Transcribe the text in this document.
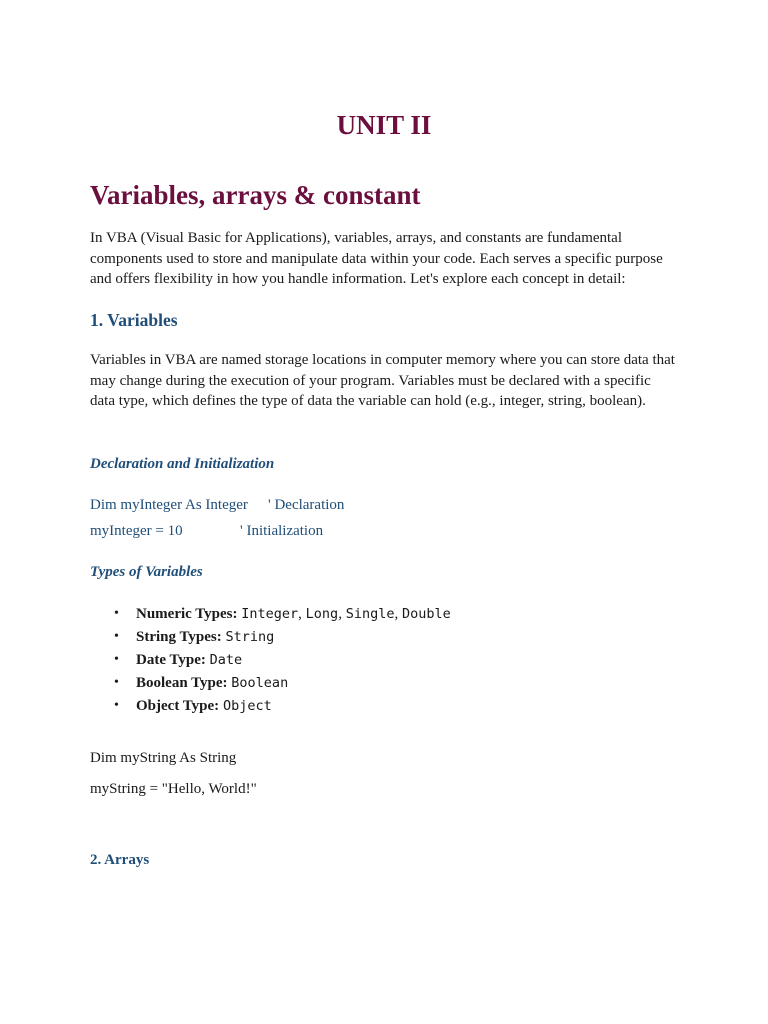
UNIT II
Variables, arrays & constant

In VBA (Visual Basic for Applications), variables, arrays, and constants are fundamental components used to store and manipulate data within your code. Each serves a specific purpose and offers flexibility in how you handle information. Let's explore each concept in detail:

1. Variables

Variables in VBA are named storage locations in computer memory where you can store data that may change during the execution of your program. Variables must be declared with a specific data type, which defines the type of data the variable can hold (e.g., integer, string, boolean).

Declaration and Initialization
Dim myInteger As Integer ' Declaration
myInteger = 10	' Initialization
Types of Variables
• Numeric Types: Integer, Long, Single, Double
• String Types: String
• Date Type: Date
• Boolean Type: Boolean
• Object Type: Object
Dim myString As String
myString = "Hello, World!"
2. Arrays
